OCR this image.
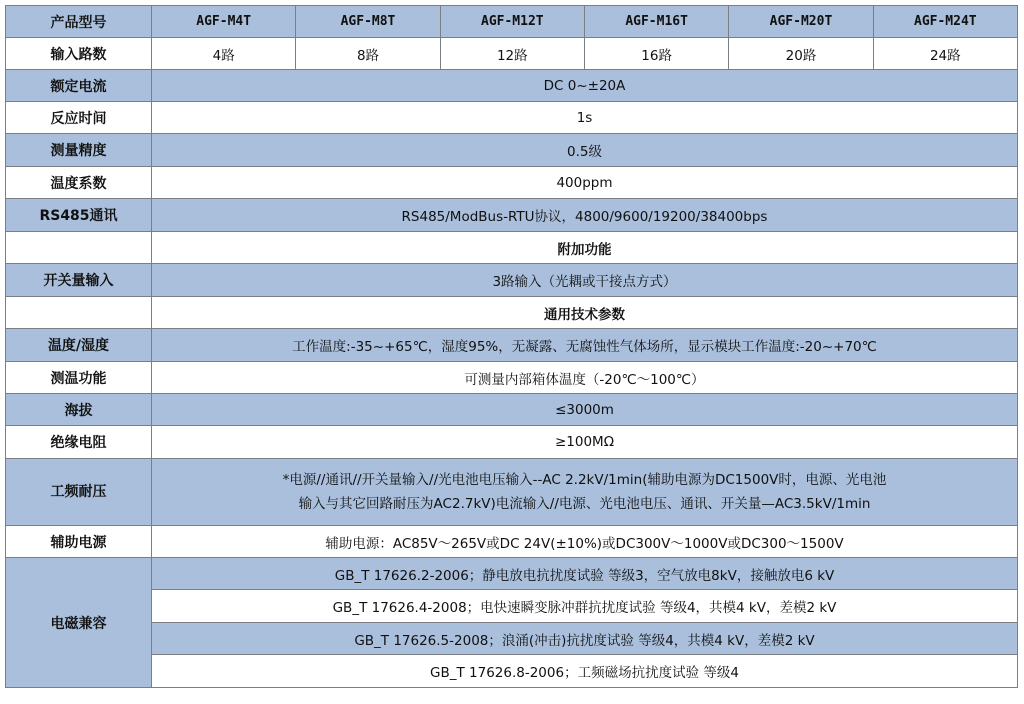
产品型号	AGF-M4T	AGF-M8T	AGF-M12T	AGF-M16T	AGF-M20T	AGF-M24T
输入路数	4路	8路	12路	16路	20路	24路
额定电流	DC 0~±20A					
反应时间	1s					
测量精度	0.5级					
温度系数	400ppm					
RS485通讯	RS485/ModBus-RTU协议，4800/9600/19200/38400bps					
	附加功能					
开关量输入	3路输入（光耦或干接点方式）					
	通用技术参数					
温度/湿度	工作温度:-35~+65℃，湿度95%，无凝露、无腐蚀性气体场所，显示模块工作温度:-20~+70℃					
测温功能	可测量内部箱体温度（-20℃～100℃）					
海拔	≤3000m					
绝缘电阻	≥100MΩ					
工频耐压	*电源//通讯//开关量输入//光电池电压输入--AC 2.2kV/1min(辅助电源为DC1500V时，电源、光电池
输入与其它回路耐压为AC2.7kV)电流输入//电源、光电池电压、通讯、开关量—AC3.5kV/1min					

辅助电源	辅助电源：AC85V～265V或DC 24V(±10%)或DC300V～1000V或DC300～1500V					
电磁兼容	GB_T 17626.2-2006；静电放电抗扰度试验 等级3，空气放电8kV，接触放电6 kV					
	GB_T 17626.4-2008；电快速瞬变脉冲群抗扰度试验 等级4，共模4 kV，差模2 kV					
	GB_T 17626.5-2008；浪涌(冲击)抗扰度试验 等级4，共模4 kV，差模2 kV					
	GB_T 17626.8-2006；工频磁场抗扰度试验 等级4					
